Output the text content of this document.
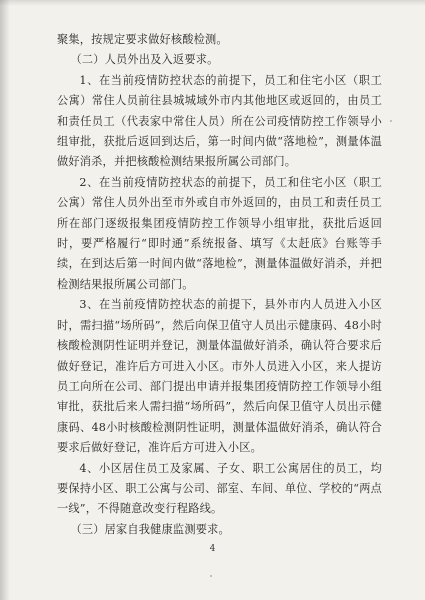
聚集，按规定要求做好核酸检测。

（二）人员外出及入返要求。

1、在当前疫情防控状态的前提下，员工和住宅小区（职工公寓）常住人员前往县城城域外市内其他地区或返回的，由员工和责任员工（代表家中常住人员）所在公司疫情防控工作领导小组审批，获批后返回到达后，第一时间内做“落地检”，测量体温做好消杀，并把核酸检测结果报所属公司部门。

2、在当前疫情防控状态的前提下，员工和住宅小区（职工公寓）常住人员外出至市外或自市外返回的，由员工和责任员工所在部门逐级报集团疫情防控工作领导小组审批，获批后返回时，要严格履行“即时通”系统报备、填写《太赶底》台账等手续，在到达后第一时间内做“落地检”，测量体温做好消杀，并把检测结果报所属公司部门。

3、在当前疫情防控状态的前提下，县外市内人员进入小区时，需扫描“场所码”，然后向保卫值守人员出示健康码、48小时核酸检测阴性证明并登记，测量体温做好消杀，确认符合要求后做好登记，准许后方可进入小区。市外人员进入小区，来人提访员工向所在公司、部门提出申请并报集团疫情防控工作领导小组审批，获批后来人需扫描“场所码”，然后向保卫值守人员出示健康码、48小时核酸检测阴性证明，测量体温做好消杀，确认符合要求后做好登记，准许后方可进入小区。

4、小区居住员工及家属、子女、职工公寓居住的员工，均要保持小区、职工公寓与公司、部室、车间、单位、学校的“两点一线”，不得随意改变行程路线。

（三）居家自我健康监测要求。

4
